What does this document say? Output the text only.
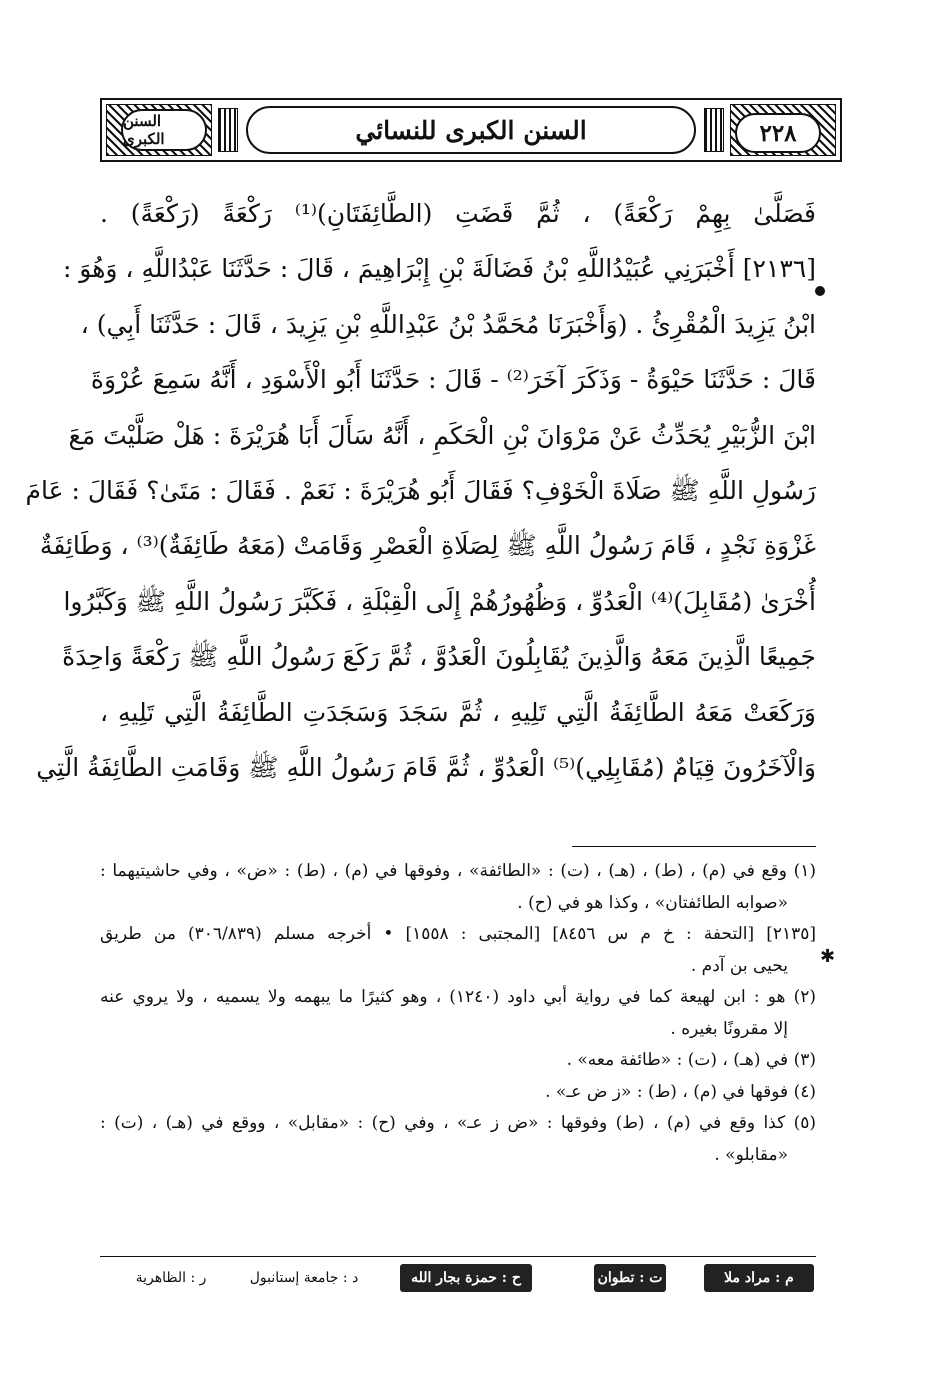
السنن الكبرى	السنن الكبرى للنسائي	٢٢٨
فَصَلَّىٰ بِهِمْ رَكْعَةً) ، ثُمَّ قَضَتِ (الطَّائِفَتَانِ)⁽¹⁾ رَكْعَةً (رَكْعَةً) .
[٢١٣٦] أَخْبَرَنِي عُبَيْدُاللَّهِ بْنُ فَضَالَةَ بْنِ إِبْرَاهِيمَ ، قَالَ : حَدَّثَنَا عَبْدُاللَّهِ ، وَهُوَ :
ابْنُ يَزِيدَ الْمُقْرِئُ . (وَأَخْبَرَنَا مُحَمَّدُ بْنُ عَبْدِاللَّهِ بْنِ يَزِيدَ ، قَالَ : حَدَّثَنَا أَبِي) ،
قَالَ : حَدَّثَنَا حَيْوَةُ - وَذَكَرَ آخَرَ⁽²⁾ - قَالَ : حَدَّثَنَا أَبُو الْأَسْوَدِ ، أَنَّهُ سَمِعَ عُرْوَةَ
ابْنَ الزُّبَيْرِ يُحَدِّثُ عَنْ مَرْوَانَ بْنِ الْحَكَمِ ، أَنَّهُ سَأَلَ أَبَا هُرَيْرَةَ : هَلْ صَلَّيْتَ مَعَ
رَسُولِ اللَّهِ ﷺ صَلَاةَ الْخَوْفِ؟ فَقَالَ أَبُو هُرَيْرَةَ : نَعَمْ . فَقَالَ : مَتَىٰ؟ فَقَالَ : عَامَ
غَزْوَةِ نَجْدٍ ، قَامَ رَسُولُ اللَّهِ ﷺ لِصَلَاةِ الْعَصْرِ وَقَامَتْ (مَعَهُ طَائِفَةٌ)⁽³⁾ ، وَطَائِفَةٌ
أُخْرَىٰ (مُقَابِلَ)⁽⁴⁾ الْعَدُوِّ ، وَظُهُورُهُمْ إِلَى الْقِبْلَةِ ، فَكَبَّرَ رَسُولُ اللَّهِ ﷺ وَكَبَّرُوا
جَمِيعًا الَّذِينَ مَعَهُ وَالَّذِينَ يُقَابِلُونَ الْعَدُوَّ ، ثُمَّ رَكَعَ رَسُولُ اللَّهِ ﷺ رَكْعَةً وَاحِدَةً
وَرَكَعَتْ مَعَهُ الطَّائِفَةُ الَّتِي تَلِيهِ ، ثُمَّ سَجَدَ وَسَجَدَتِ الطَّائِفَةُ الَّتِي تَلِيهِ ،
وَالْآخَرُونَ قِيَامٌ (مُقَابِلِي)⁽⁵⁾ الْعَدُوِّ ، ثُمَّ قَامَ رَسُولُ اللَّهِ ﷺ وَقَامَتِ الطَّائِفَةُ الَّتِي
✱
(١) وقع في (م) ، (ط) ، (هـ) ، (ت) : «الطائفة» ، وفوقها في (م) ، (ط) : «ض» ، وفي حاشيتيهما :
«صوابه الطائفتان» ، وكذا هو في (ح) .
[٢١٣٥] [التحفة : خ م س ٨٤٥٦] [المجتبى : ١٥٥٨] • أخرجه مسلم (٣٠٦/٨٣٩) من طريق
يحيى بن آدم .
(٢) هو : ابن لهيعة كما في رواية أبي داود (١٢٤٠) ، وهو كثيرًا ما يبهمه ولا يسميه ، ولا يروي عنه
إلا مقرونًا بغيره .
(٣) في (هـ) ، (ت) : «طائفة معه» .
(٤) فوقها في (م) ، (ط) : «ز ض عـ» .
(٥) كذا وقع في (م) ، (ط) وفوقها : «ض ز عـ» ، وفي (ح) : «مقابل» ، ووقع في (هـ) ، (ت) :
«مقابلو» .
م : مراد ملا
ت : تطوان
ح : حمزة بجار الله
د : جامعة إستانبول
ر : الظاهرية
